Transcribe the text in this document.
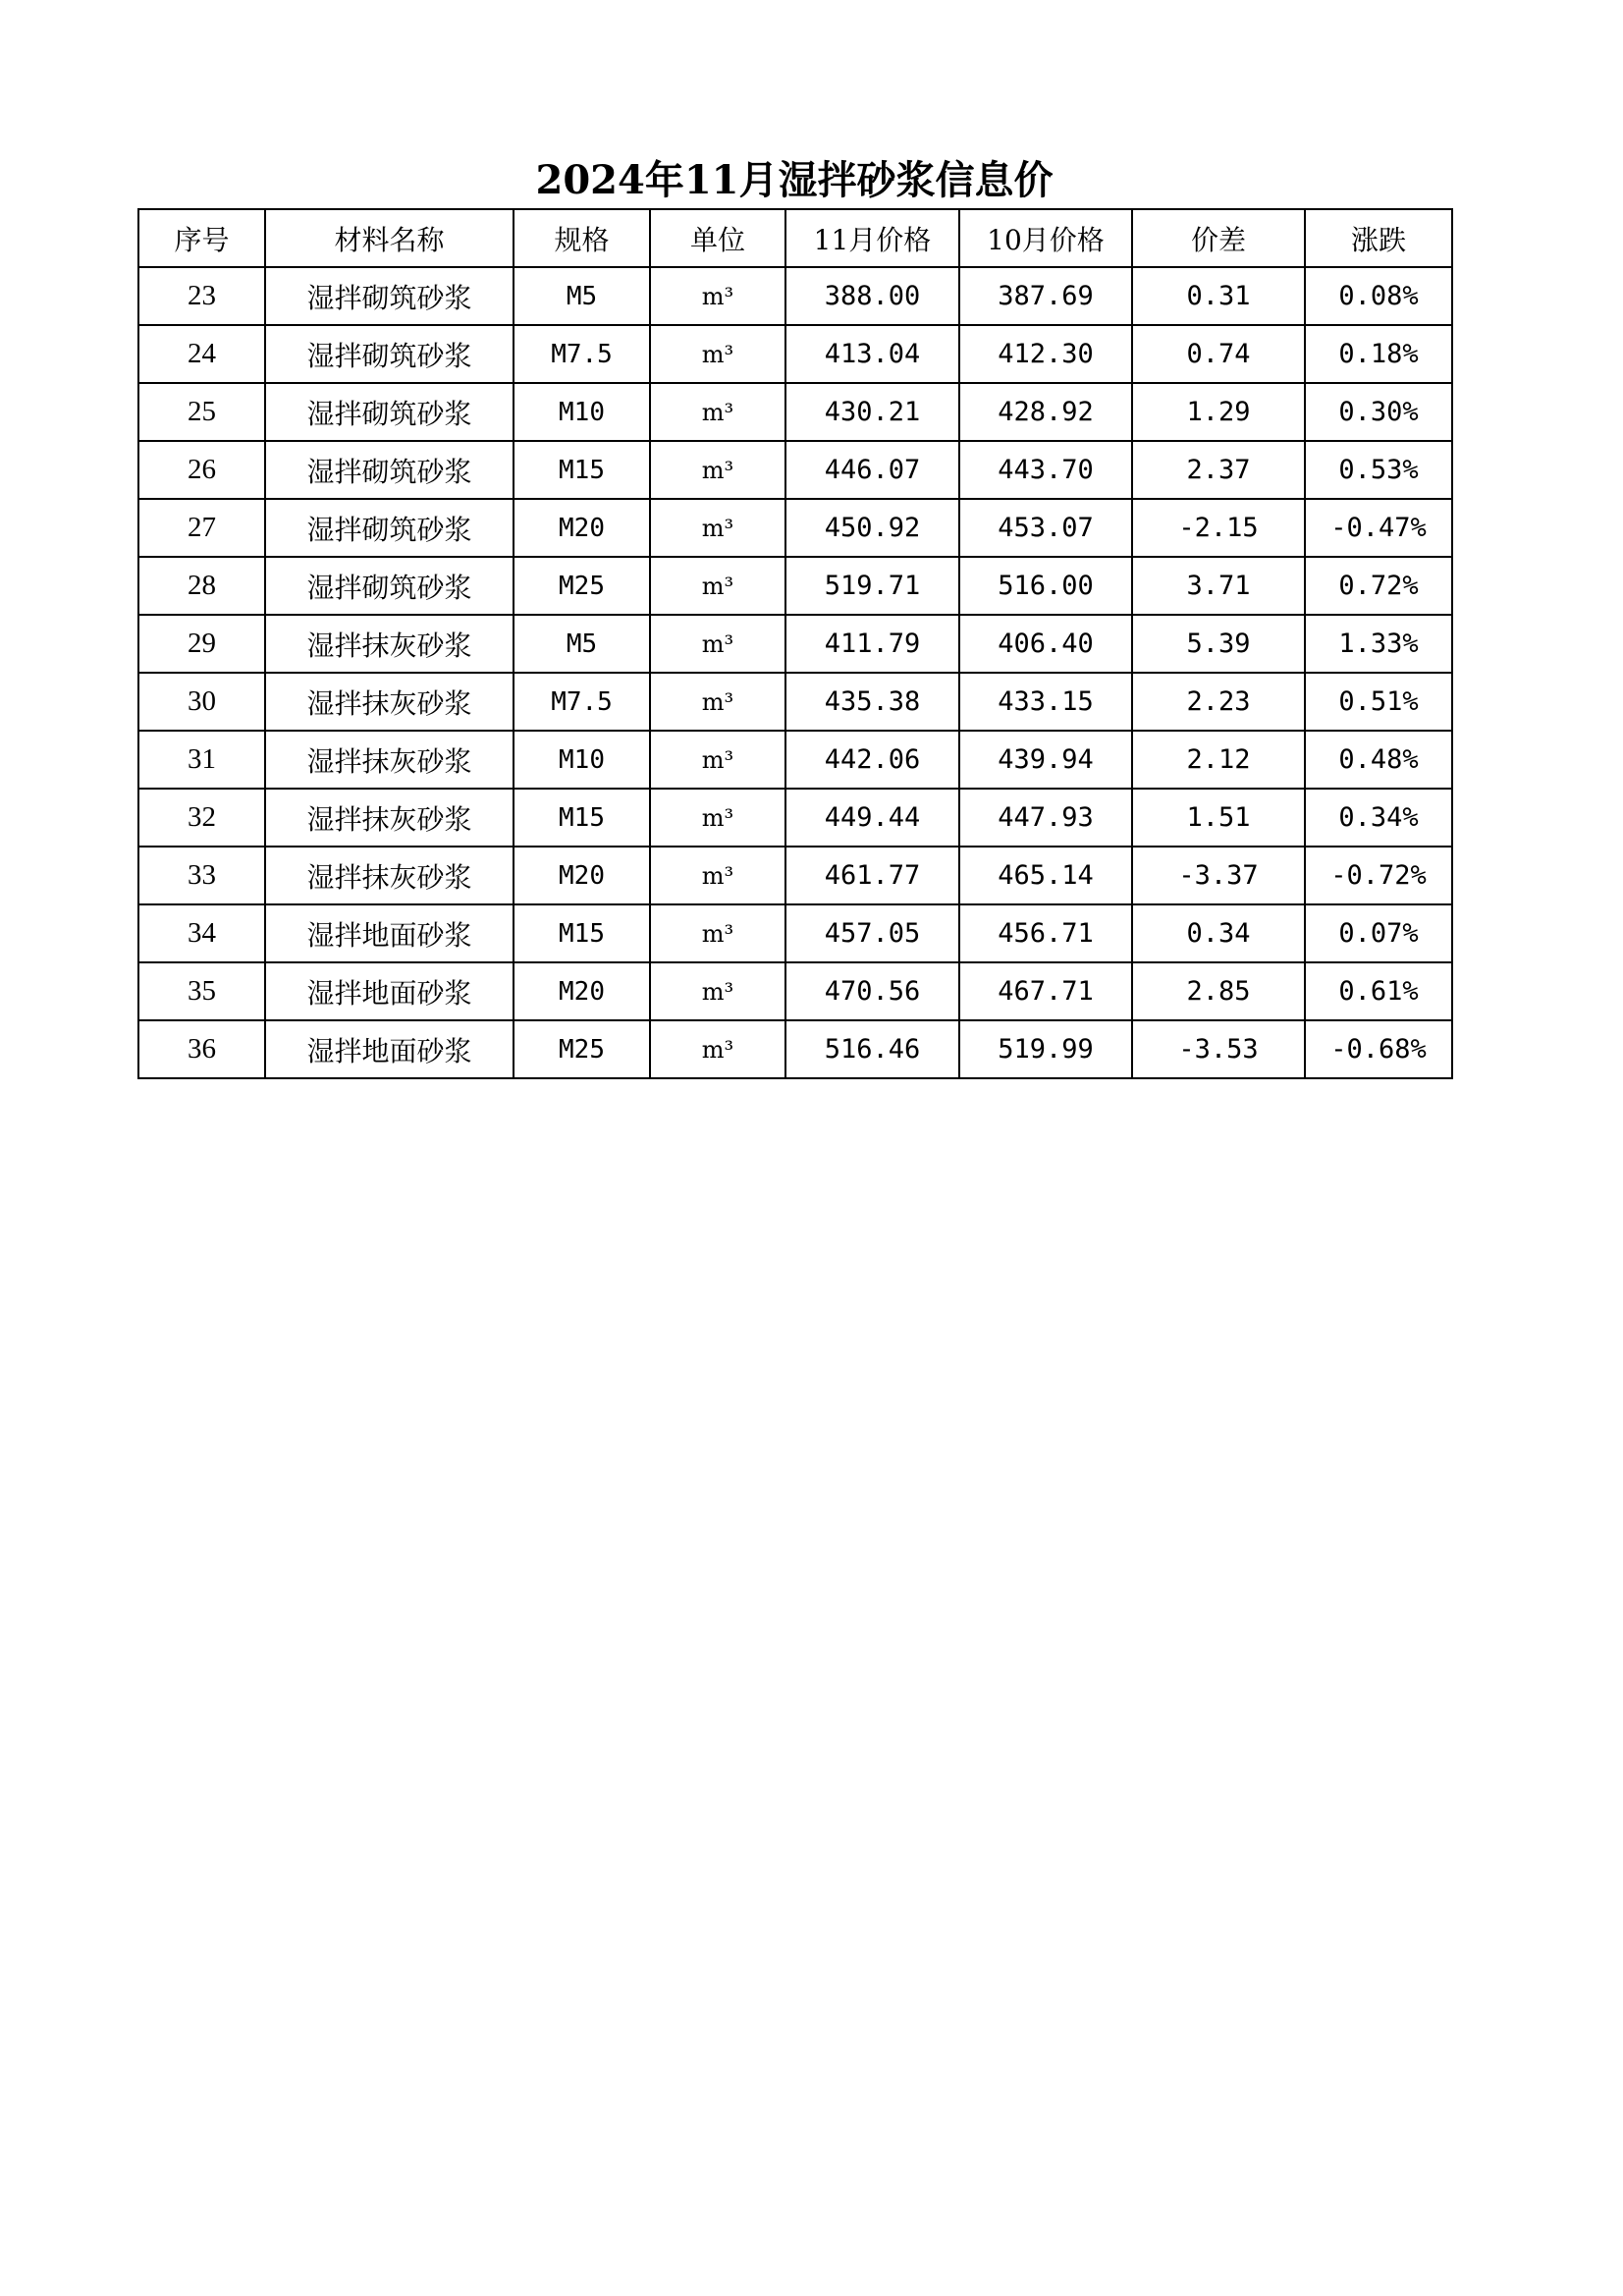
2024年11月湿拌砂浆信息价
序号	材料名称	规格	单位	11月价格	10月价格	价差	涨跌
23	湿拌砌筑砂浆	M5	m³	388.00	387.69	0.31	0.08%
24	湿拌砌筑砂浆	M7.5	m³	413.04	412.30	0.74	0.18%
25	湿拌砌筑砂浆	M10	m³	430.21	428.92	1.29	0.30%
26	湿拌砌筑砂浆	M15	m³	446.07	443.70	2.37	0.53%
27	湿拌砌筑砂浆	M20	m³	450.92	453.07	-2.15	-0.47%
28	湿拌砌筑砂浆	M25	m³	519.71	516.00	3.71	0.72%
29	湿拌抹灰砂浆	M5	m³	411.79	406.40	5.39	1.33%
30	湿拌抹灰砂浆	M7.5	m³	435.38	433.15	2.23	0.51%
31	湿拌抹灰砂浆	M10	m³	442.06	439.94	2.12	0.48%
32	湿拌抹灰砂浆	M15	m³	449.44	447.93	1.51	0.34%
33	湿拌抹灰砂浆	M20	m³	461.77	465.14	-3.37	-0.72%
34	湿拌地面砂浆	M15	m³	457.05	456.71	0.34	0.07%
35	湿拌地面砂浆	M20	m³	470.56	467.71	2.85	0.61%
36	湿拌地面砂浆	M25	m³	516.46	519.99	-3.53	-0.68%
